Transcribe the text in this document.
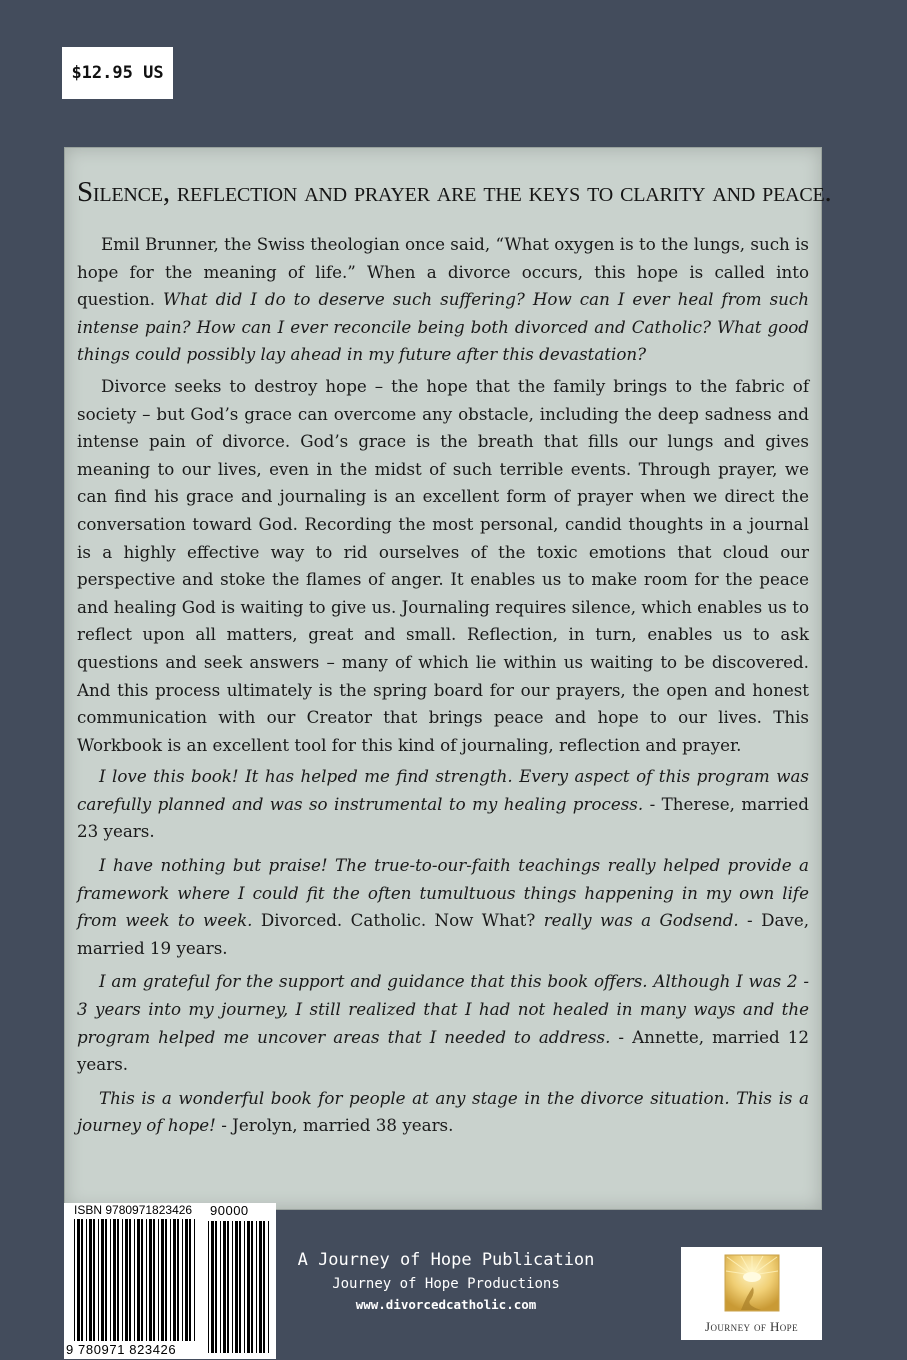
$12.95 US
Silence, reflection and prayer are the keys to clarity and peace.

Emil Brunner, the Swiss theologian once said, “What oxygen is to the lungs, such is hope for the meaning of life.” When a divorce occurs, this hope is called into question. What did I do to deserve such suffering? How can I ever heal from such intense pain? How can I ever reconcile being both divorced and Catholic? What good things could possibly lay ahead in my future after this devastation?

Divorce seeks to destroy hope – the hope that the family brings to the fabric of society – but God’s grace can overcome any obstacle, including the deep sadness and intense pain of divorce. God’s grace is the breath that fills our lungs and gives meaning to our lives, even in the midst of such terrible events. Through prayer, we can find his grace and journaling is an excellent form of prayer when we direct the conversation toward God. Recording the most personal, candid thoughts in a journal is a highly effective way to rid ourselves of the toxic emotions that cloud our perspective and stoke the flames of anger. It enables us to make room for the peace and healing God is waiting to give us. Journaling requires silence, which enables us to reflect upon all matters, great and small. Reflection, in turn, enables us to ask questions and seek answers – many of which lie within us waiting to be discovered. And this process ultimately is the spring board for our prayers, the open and honest communication with our Creator that brings peace and hope to our lives. This Workbook is an excellent tool for this kind of journaling, reflection and prayer.

I love this book! It has helped me find strength. Every aspect of this program was carefully planned and was so instrumental to my healing process. - Therese, married 23 years.

I have nothing but praise! The true-to-our-faith teachings really helped provide a framework where I could fit the often tumultuous things happening in my own life from week to week. Divorced. Catholic. Now What? really was a Godsend. - Dave, married 19 years.

I am grateful for the support and guidance that this book offers. Although I was 2 - 3 years into my journey, I still realized that I had not healed in many ways and the program helped me uncover areas that I needed to address. - Annette, married 12 years.

This is a wonderful book for people at any stage in the divorce situation. This is a journey of hope! - Jerolyn, married 38 years.

ISBN 9780971823426 90000
9 780971 823426
A Journey of Hope Publication
Journey of Hope Productions
www.divorcedcatholic.com
Journey of Hope
